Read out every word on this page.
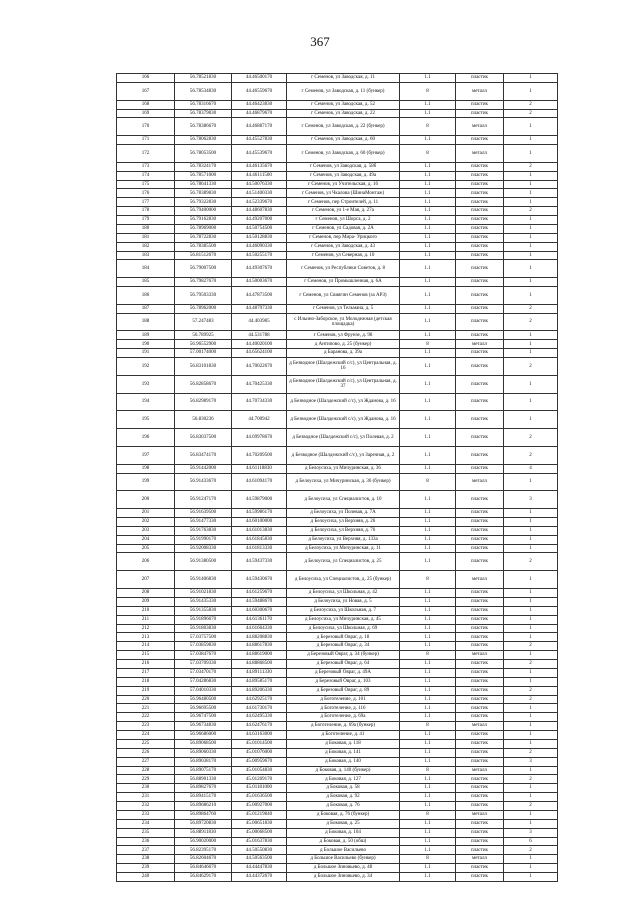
367
166	56.78521830	44.46500170	г Семенов, ул Заводская, д. 11	1.1	пластик	1
167	56.78534830	44.46559670	г Семенов, ул Заводская, д. 11 (бункер)	8	металл	1
168	56.78316670	44.46423830	г Семенов, ул Заводская, д. 52	1.1	пластик	2
169	56.78379830	44.46879670	г Семенов, ул Заводская, д. 22	1.1	пластик	2
170	56.78386670	44.46887170	г Семенов, ул Заводская, д. 22 (бункер)	8	металл	1
171	56.78062830	44.45527830	г Семенов, ул Заводская, д. 60	1.1	пластик	1
172	56.78053500	44.45539670	г Семенов, ул Заводская, д. 60 (бункер)	8	металл	1
173	56.78324170	44.46135670	г Семенов, ул Заводская, д. 58б	1.1	пластик	2
174	56.78571000	44.46111500	г Семенов, ул Заводская, д. 49а	1.1	пластик	1
175	56.78641330	44.50076330	г Семенов, ул Учительская, д. 16	1.1	пластик	1
176	56.78389830	44.51400330	г Семенов, ул Чкалова (ШинаМонтаж)	1.1	пластик	1
177	56.79322830	44.52339670	г Семенов, пер Строителей, д. 11	1.1	пластик	1
178	56.79400000	44.48607830	г Семенов, ул 1-е Мая, д. 27а	1.1	пластик	2
179	56.79162830	44.49207000	г Семенов, ул Шорса, д. 2	1.1	пластик	1
180	56.78969000	44.50754500	г Семенов, ул Садовая, д. 2А	1.1	пластик	1
181	56.78722830	44.50128830	г Семенов, пер Мира- Урицкого	1.1	пластик	1
182	56.78385500	44.46090330	г Семенов, ул Заводская, д. 43	1.1	пластик	1
183	56.81512670	44.50255170	г Семенов, ул Северная, д. 10	1.1	пластик	1
184	56.79007500	44.49307670	г Семенов, ул Республики Советов, д. 8	1.1	пластик	1
185	56.79827670	44.50003670	г Семенов, ул Промышленная, д. 6А	1.1	пластик	1
186	56.79503330	44.47873500	г Семенов, ул Свиягин Семенов (за АРЗ)	1.1	пластик	1
187	56.78962000	44.48797330	г Семенов, ул Тельмана, д. 5	1.1	пластик	2
188	57.247483	44.403985	с Ильино-Заборское, ул Молодежная (детская площадка)	1.1	пластик	2
189	56.789925	44.531788	г Семенов, ул Фрунзе, д. 98	1.1	пластик	1
190	56.96552900	44.40020100	д Антипово, д. 25 (бункер)	8	металл	1
191	57.00174000	44.65624100	д Баранова, д. 39а	1.1	пластик	1
192	56.83101830	44.70022670	д Безводное (Шалдежский с/с), ул Центральная, д. 16	1.1	пластик	2
193	56.82858670	44.70425330	д Безводное (Шалдежский с/с), ул Центральная, д. 37	1.1	пластик	1
194	56.82989170	44.70734330	д Безводное (Шалдежский с/с), ул Жданова, д. 16	1.1	пластик	1
195	56.830236	44.700942	д Безводное (Шалдежский с/с), ул Жданова, д. 16	1.1	пластик	1
196	56.83037500	44.69978670	д Безводное (Шалдежский с/с), ул Полевая, д. 2	1.1	пластик	2
197	56.83474170	44.70209500	д Безводное (Шалдежский с/с), ул Заречная, д. 2	1.1	пластик	2
198	56.91442000	44.61118830	д Белоусиха, ул Мичуринская, д. 36	1.1	пластик	4
199	56.91433670	44.61094170	д Белоусиха, ул Мичуринская, д. 36 (бункер)	8	металл	1
200	56.91247170	44.59879000	д Белоусиха, ул Специалистов, д. 10	1.1	пластик	3
201	56.91639500	44.59986170	д Белоусиха, ул Полевая, д. 7А	1.1	пластик	1
202	56.91477330	44.60100000	д Белоусиха, ул Верхняя, д. 26	1.1	пластик	1
203	56.91763830	44.61013830	д Белоусиха, ул Верхняя, д. 76	1.1	пластик	1
204	56.91990170	44.61845830	д Белоусиха, ул Верхняя, д. 133а	1.1	пластик	1
205	56.92008330	44.61813330	д Белоусиха, ул Мичуринская, д. 11	1.1	пластик	1
206	56.91380500	44.59437330	д Белоусиха, ул Специалистов, д. 25	1.1	пластик	2
207	56.91406830	44.59430670	д Белоусиха, ул Специалистов, д. 25 (бункер)	8	металл	1
208	56.91021830	44.61259670	д Белоусиха, ул Школьная, д. 42	1.1	пластик	1
209	56.91435330	44.59488670	д Белоусиха, ул Новая, д. 5	1.1	пластик	1
210	56.91355830	44.60300670	д Белоусиха, ул Школьная, д. 7	1.1	пластик	1
211	56.91896670	44.61361170	д Белоусиха, ул Мичуринская, д. 45	1.1	пластик	1
212	56.91803830	44.61664330	д Белоусиха, ул Школьная, д. 69	1.1	пластик	1
213	57.03757500	44.88208830	д Березовый Овраг, д. 18	1.1	пластик	1
214	57.03859830	44.88617830	д Березовый Овраг, д. 34	1.1	пластик	2
215	57.03847670	44.88619000	д Березовый Овраг, д. 34 (бункер)	8	металл	1
216	57.03709330	44.88868500	д Березовый Овраг, д. 64	1.1	пластик	2
217	57.03470170	44.89111330	д Березовый Овраг, д. 49А	1.1	пластик	1
218	57.04286830	44.89585170	д Березовый Овраг, д. 103	1.1	пластик	1
219	57.04010330	44.89206330	д Березовый Овраг, д. 89	1.1	пластик	2
220	56.96480500	44.62925170	д Боготеление, д. 101	1.1	пластик	2
221	56.96695500	44.61730170	д Боготеление, д. 116	1.1	пластик	1
222	56.96747500	44.62495330	д Боготеление, д. 69а	1.1	пластик	1
223	56.96734830	44.62476170	д Боготеление, д. 69а (бункер)	8	металл	1
224	56.96686000	44.63163000	д Боготеление, д. 41	1.1	пластик	1
225	56.89068500	45.01014500	д Боковая, д. 118	1.1	пластик	1
226	56.89060330	45.01076000	д Боковая, д. 141	1.1	пластик	2
227	56.89038170	45.00959670	д Боковая, д. 140	1.1	пластик	3
228	56.89075170	45.01054830	д Боковая, д. 140 (бункер)	8	металл	1
229	56.88901330	45.01269170	д Боковая, д. 127	1.1	пластик	2
230	56.89827670	45.01181000	д Боковая, д. 58	1.1	пластик	1
231	56.89415170	45.01636500	д Боковая, д. 92	1.1	пластик	1
232	56.89686210	45.00927000	д Боковая, д. 76	1.1	пластик	2
233	56.89864760	45.01219840	д Боковая, д. 76 (бункер)	8	металл	1
234	56.89720830	45.00651830	д Боковая, д. 25	1.1	пластик	1
235	56.88911830	45.00668500	д Боковая, д. 104	1.1	пластик	3
236	56.90020000	45.01637830	д Боковая, д. 50 (обш)	1.1	пластик	6
237	56.82395170	44.50550830	д Большое Васильево	1.1	пластик	2
238	56.82604670	44.50563500	д Большое Васильево (бункер)	8	металл	1
239	56.84646670	44.44447830	д Большое Зиновьево, д. 48	1.1	пластик	1
240	56.84629170	44.44372670	д Большое Зиновьево, д. 34	1.1	пластик	1
